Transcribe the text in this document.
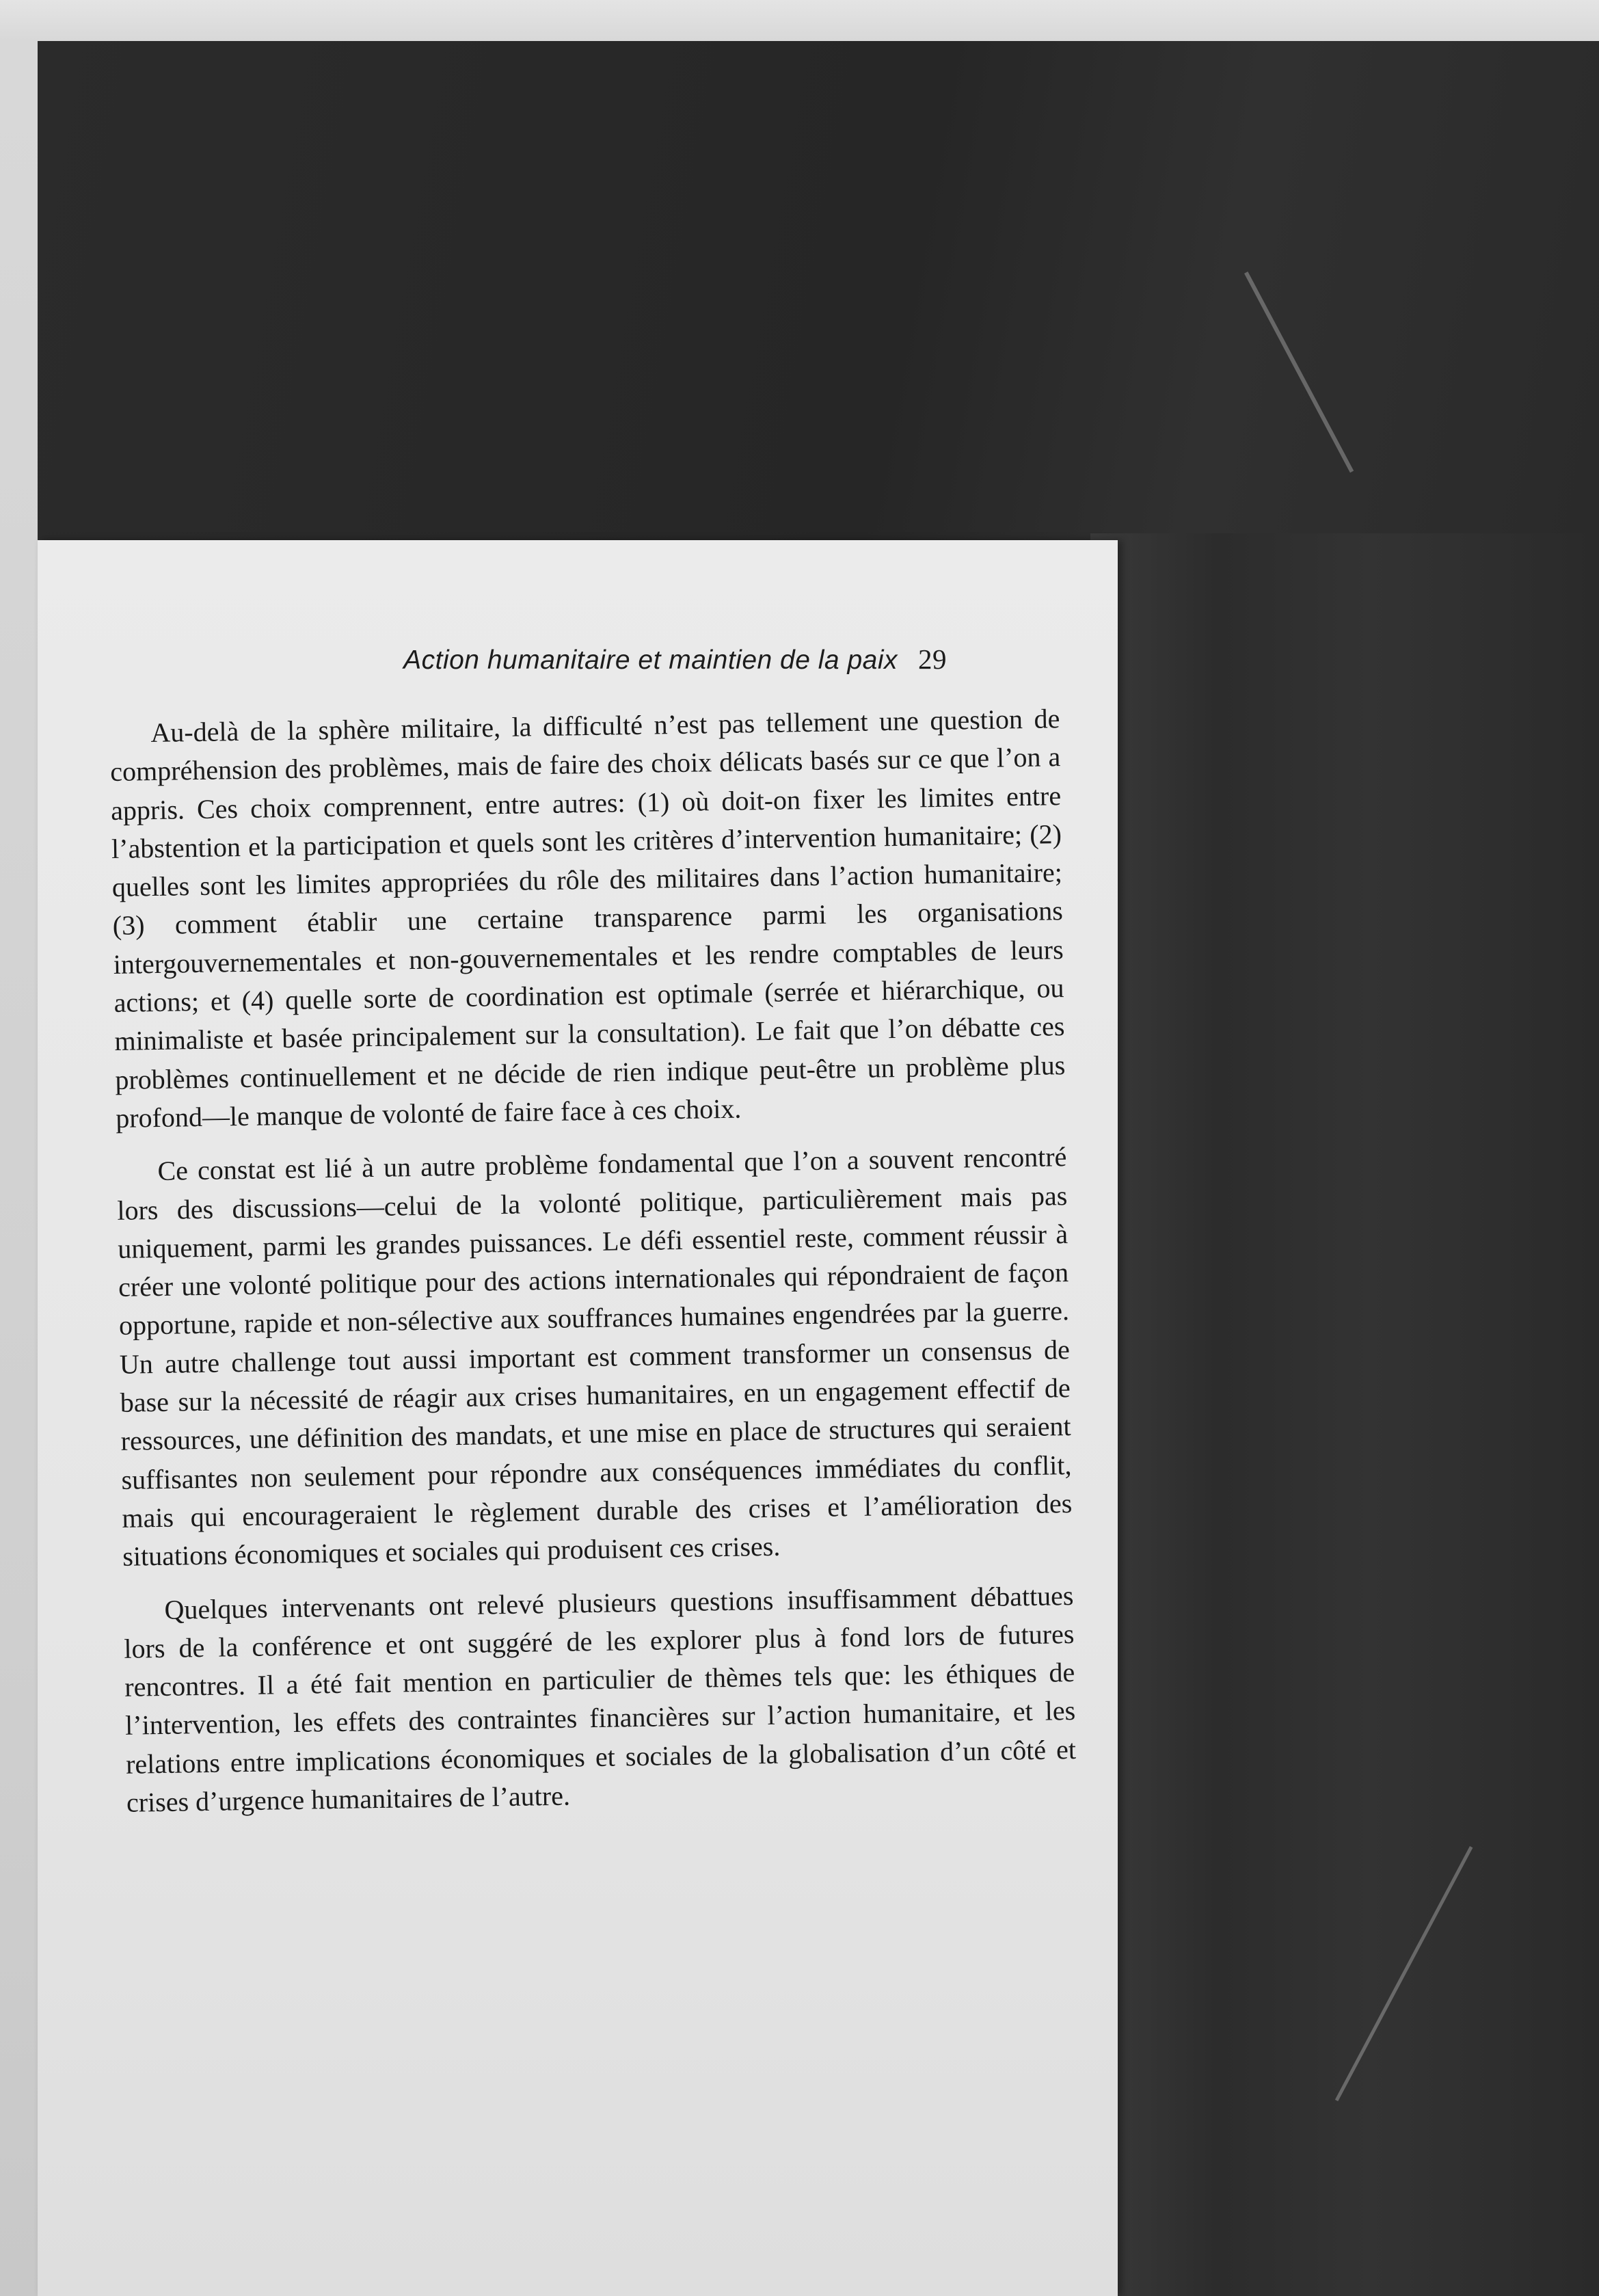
Action humanitaire et maintien de la paix 29

Au-delà de la sphère militaire, la difficulté n’est pas tellement une question de compréhension des problèmes, mais de faire des choix délicats basés sur ce que l’on a appris. Ces choix comprennent, entre autres: (1) où doit-on fixer les limites entre l’abstention et la participation et quels sont les critères d’intervention humanitaire; (2) quelles sont les limites appropriées du rôle des militaires dans l’action humanitaire; (3) comment établir une certaine transparence parmi les organisations intergouvernementales et non-gouvernementales et les rendre comptables de leurs actions; et (4) quelle sorte de coordination est optimale (serrée et hiérarchique, ou minimaliste et basée principalement sur la consultation). Le fait que l’on débatte ces problèmes continuellement et ne décide de rien indique peut-être un problème plus profond—le manque de volonté de faire face à ces choix.

Ce constat est lié à un autre problème fondamental que l’on a souvent rencontré lors des discussions—celui de la volonté politique, particulièrement mais pas uniquement, parmi les grandes puissances. Le défi essentiel reste, comment réussir à créer une volonté politique pour des actions internationales qui répondraient de façon opportune, rapide et non-sélective aux souffrances humaines engendrées par la guerre. Un autre challenge tout aussi important est comment transformer un consensus de base sur la nécessité de réagir aux crises humanitaires, en un engagement effectif de ressources, une définition des mandats, et une mise en place de structures qui seraient suffisantes non seulement pour répondre aux conséquences immédiates du conflit, mais qui encourageraient le règlement durable des crises et l’amélioration des situations économiques et sociales qui produisent ces crises.

Quelques intervenants ont relevé plusieurs questions insuffisamment débattues lors de la conférence et ont suggéré de les explorer plus à fond lors de futures rencontres. Il a été fait mention en particulier de thèmes tels que: les éthiques de l’intervention, les effets des contraintes financières sur l’action humanitaire, et les relations entre implications économiques et sociales de la globalisation d’un côté et crises d’urgence humanitaires de l’autre.
